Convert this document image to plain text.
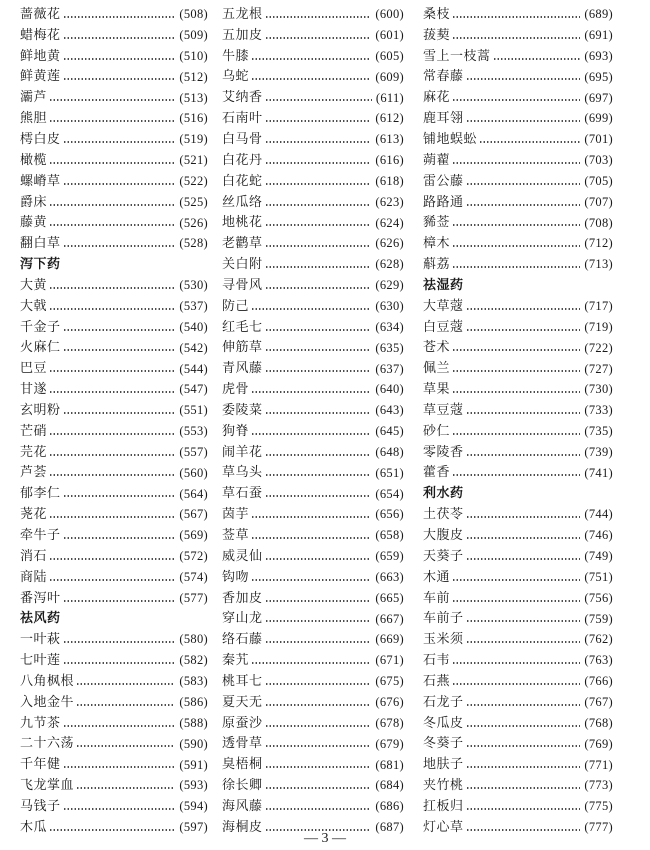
蔷薇花	(508)
蜡梅花	(509)
鲜地黄	(510)
鲜黄莲	(512)
灞芦	(513)
熊胆	(516)
樗白皮	(519)
橄榄	(521)
螺嵴草	(522)
爵床	(525)
藤黄	(526)
翻白草	(528)
泻下药
大黄	(530)
大戟	(537)
千金子	(540)
火麻仁	(542)
巴豆	(544)
甘遂	(547)
玄明粉	(551)
芒硝	(553)
芫花	(557)
芦荟	(560)
郁李仁	(564)
荛花	(567)
牵牛子	(569)
消石	(572)
商陆	(574)
番泻叶	(577)
祛风药
一叶萩	(580)
七叶莲	(582)
八角枫根	(583)
入地金牛	(586)
九节茶	(588)
二十六荡	(590)
千年健	(591)
飞龙掌血	(593)
马钱子	(594)
木瓜	(597)
五龙根	(600)
五加皮	(601)
牛膝	(605)
乌蛇	(609)
艾纳香	(611)
石南叶	(612)
白马骨	(613)
白花丹	(616)
白花蛇	(618)
丝瓜络	(623)
地桃花	(624)
老鹳草	(626)
关白附	(628)
寻骨风	(629)
防己	(630)
红毛七	(634)
伸筋草	(635)
青风藤	(637)
虎骨	(640)
委陵菜	(643)
狗脊	(645)
闹羊花	(648)
草乌头	(651)
草石蚕	(654)
茵芋	(656)
莶草	(658)
威灵仙	(659)
钩吻	(663)
香加皮	(665)
穿山龙	(667)
络石藤	(669)
秦艽	(671)
桃耳七	(675)
夏天无	(676)
原蚕沙	(678)
透骨草	(679)
臭梧桐	(681)
徐长卿	(684)
海风藤	(686)
海桐皮	(687)
桑枝	(689)
菝葜	(691)
雪上一枝蒿	(693)
常春藤	(695)
麻花	(697)
鹿耳翎	(699)
铺地蜈蚣	(701)
蒴藋	(703)
雷公藤	(705)
路路通	(707)
豨莶	(708)
樟木	(712)
蔛荔	(713)
祛湿药
大草蔻	(717)
白豆蔻	(719)
苍术	(722)
佩兰	(727)
草果	(730)
草豆蔻	(733)
砂仁	(735)
零陵香	(739)
藿香	(741)
利水药
土茯苓	(744)
大腹皮	(746)
天葵子	(749)
木通	(751)
车前	(756)
车前子	(759)
玉米须	(762)
石韦	(763)
石燕	(766)
石龙子	(767)
冬瓜皮	(768)
冬葵子	(769)
地肤子	(771)
夹竹桃	(773)
扛板归	(775)
灯心草	(777)
— 3 —
